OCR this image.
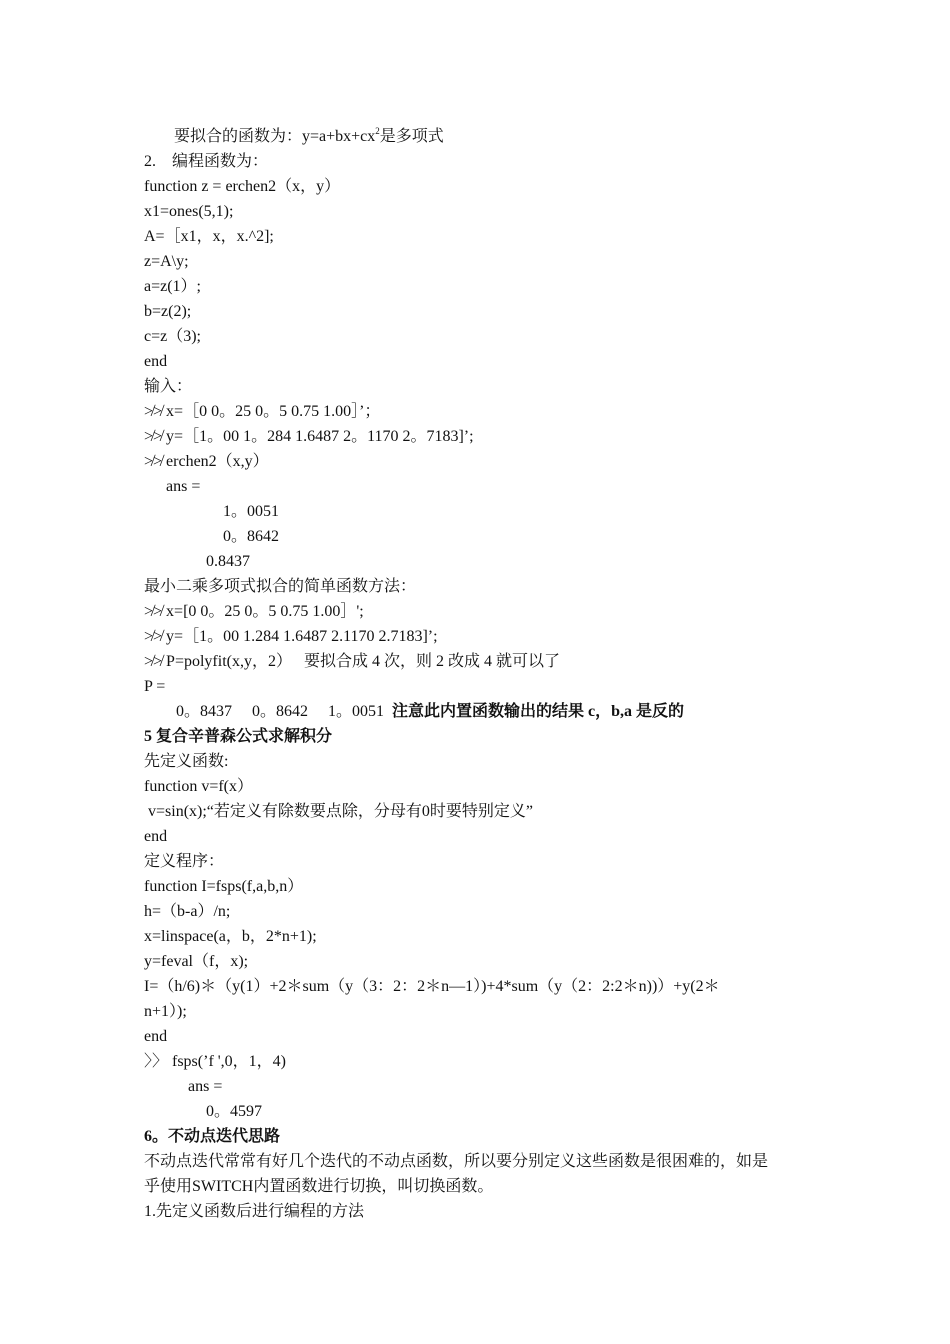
要拟合的函数为：$y=a+bx+cx^2$是多项式
2.　编程函数为：
function z = erchen2（x，y）
x1=ones(5,1);
A=［x1，x，x.^2];
z=A\y;
a=z(1）;
b=z(2);
c=z（3);
end
输入：
≯≯ x=［0 0。25 0。5 0.75 1.00］’；
≯≯ y=［1。00 1。284 1.6487 2。1170 2。7183]’;
≯≯ erchen2（x,y）
ans =
1。0051
0。8642
0.8437
最小二乘多项式拟合的简单函数方法：
≯≯ x=[0 0。25 0。5 0.75 1.00］';
≯≯ y=［1。00 1.284 1.6487 2.1170 2.7183]’;
≯≯ P=polyfit(x,y，2）　 要拟合成 4 次，则 2 改成 4 就可以了
P =
0。8437　 0。8642　 1。0051 注意此内置函数输出的结果 c，b,a 是反的
5 复合辛普森公式求解积分
先定义函数:
function v=f(x）
v=sin(x);“若定义有除数要点除，分母有0时要特别定义”
end
定义程序：
function I=fsps(f,a,b,n）
h=（b-a）/n;
x=linspace(a，b，2*n+1);
y=feval（f，x);
I=（h/6)＊（y(1）+2＊sum（y（3：2：2＊n—1）)+4*sum（y（2：2:2＊n))）+y(2＊
n+1）);
end
〉〉 fsps(’f ',0，1，4)
ans =
0。4597
6。不动点迭代思路
不动点迭代常常有好几个迭代的不动点函数，所以要分别定义这些函数是很困难的，如是
乎使用SWITCH内置函数进行切换，叫切换函数。
1.先定义函数后进行编程的方法
